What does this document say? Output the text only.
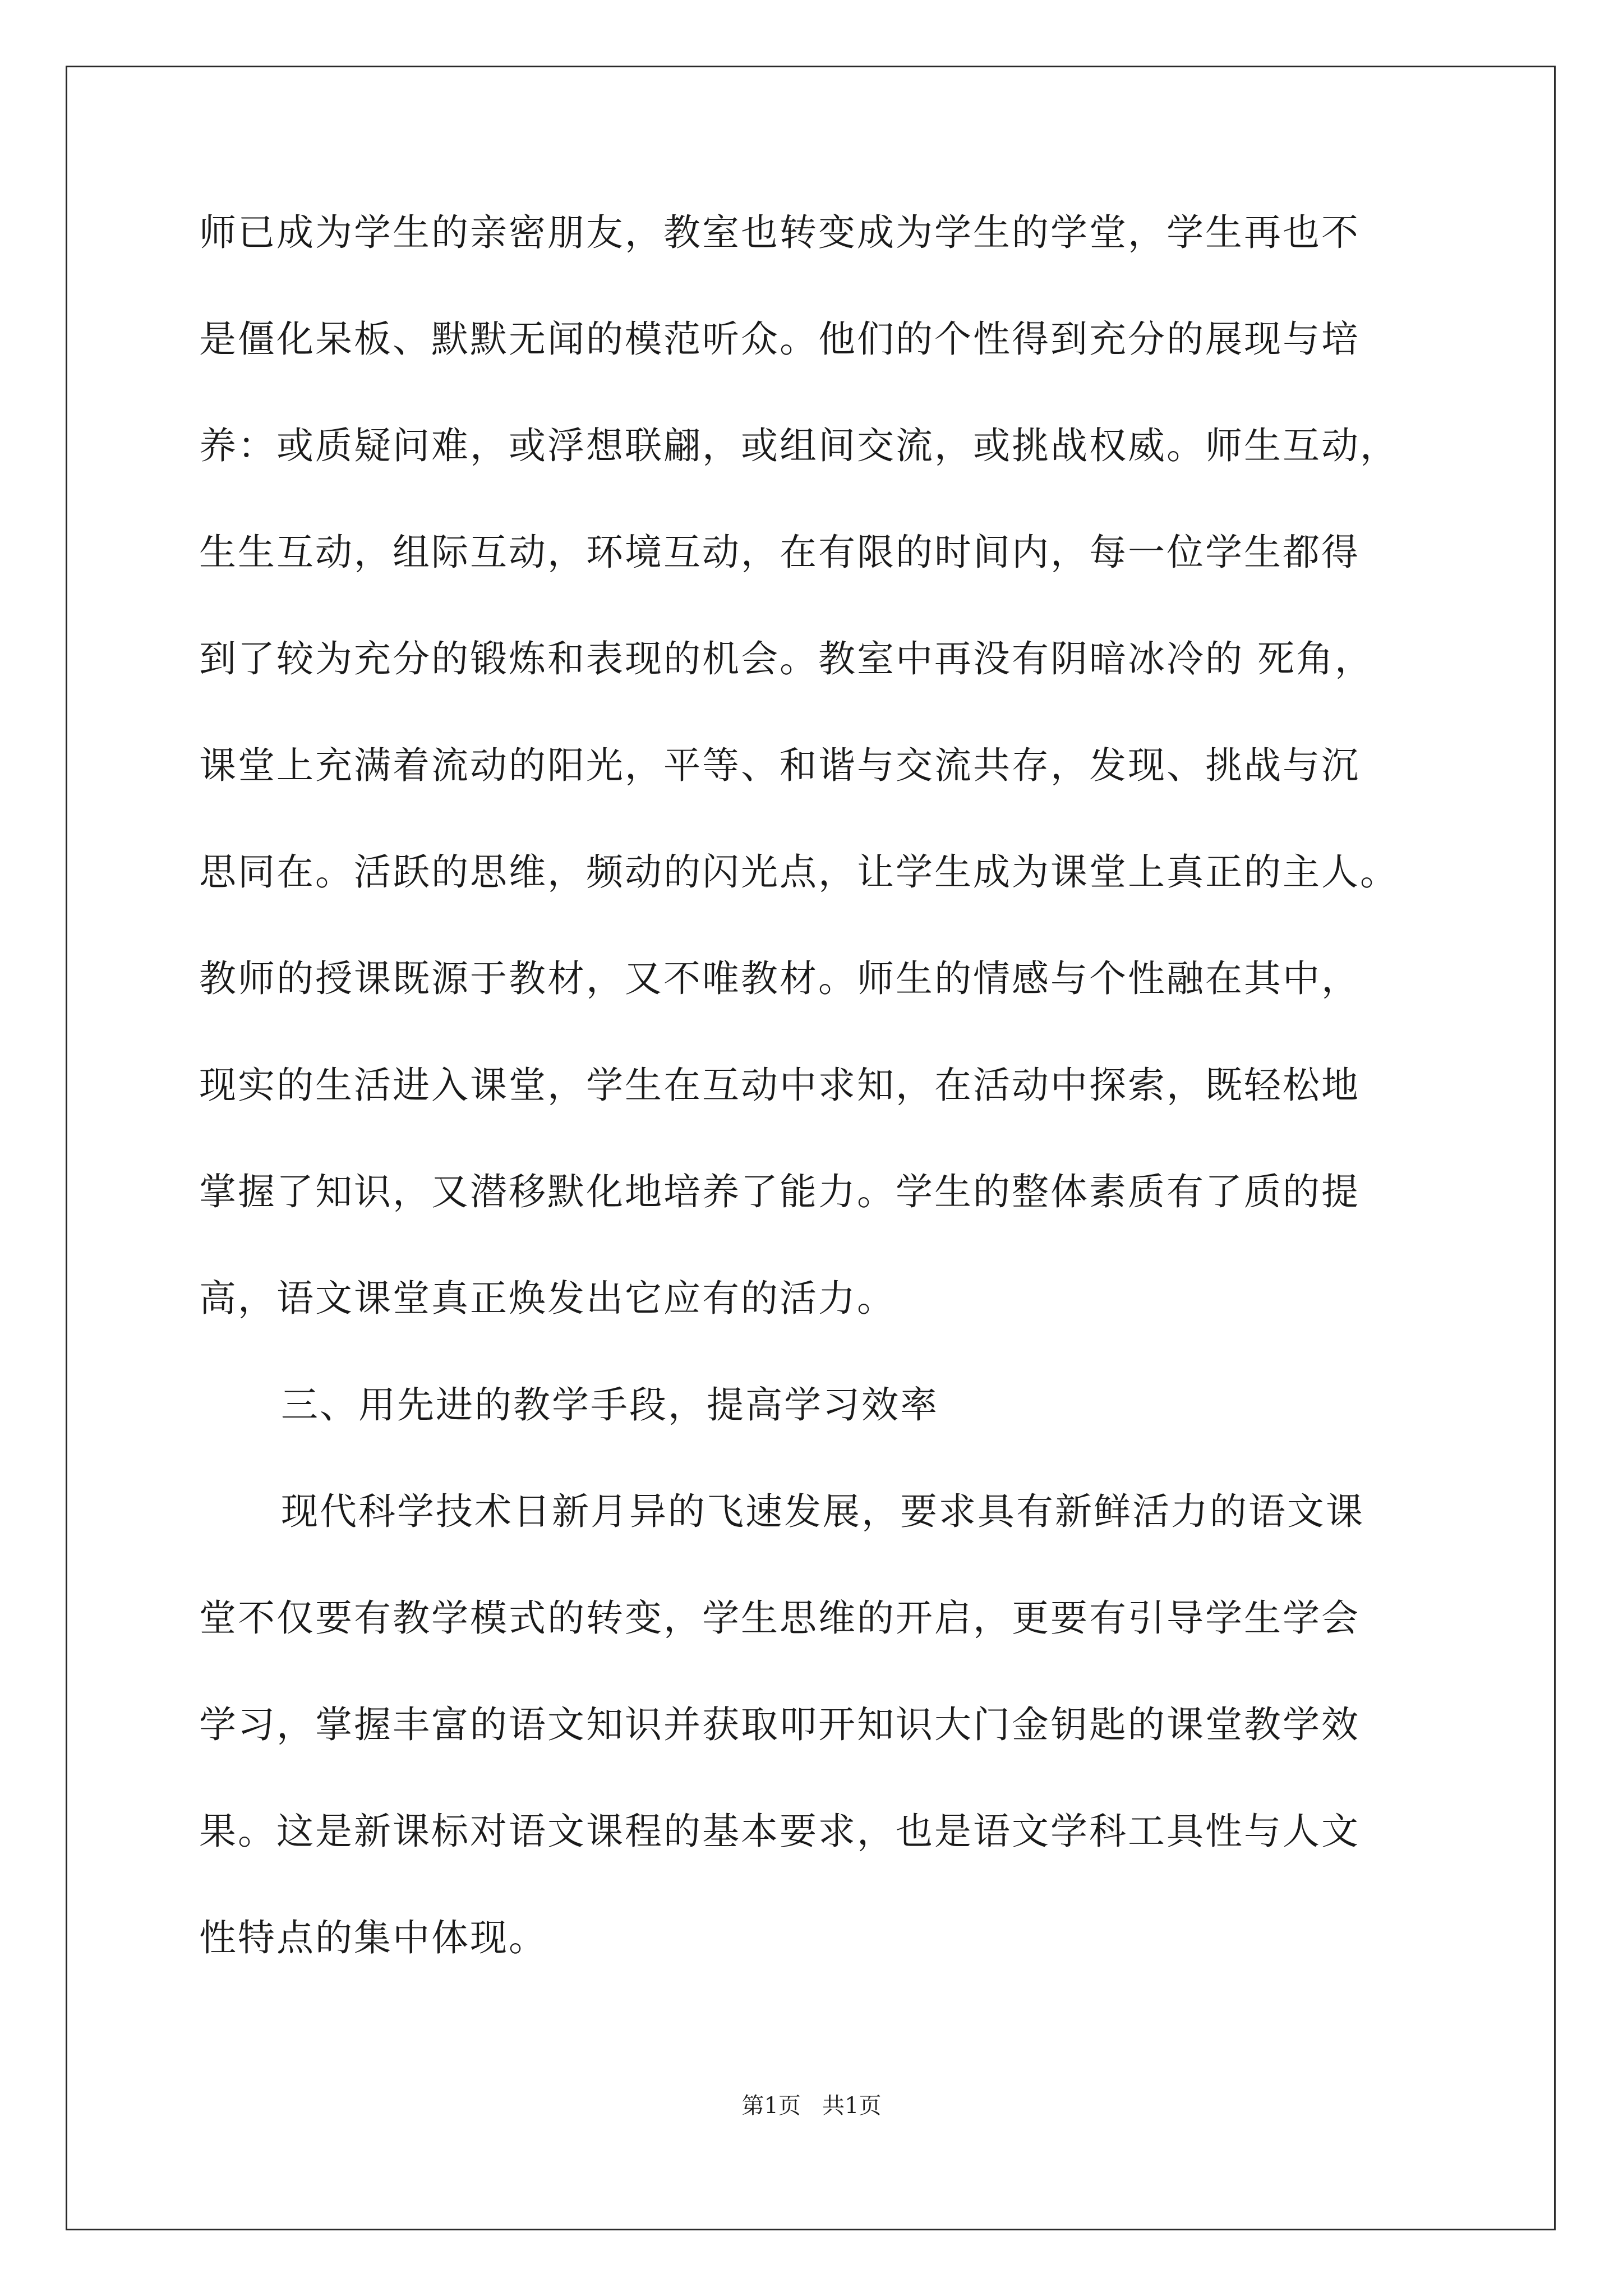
师已成为学生的亲密朋友，教室也转变成为学生的学堂，学生再也不
是僵化呆板、默默无闻的模范听众。他们的个性得到充分的展现与培
养：或质疑问难，或浮想联翩，或组间交流，或挑战权威。师生互动，
生生互动，组际互动，环境互动，在有限的时间内，每一位学生都得
到了较为充分的锻炼和表现的机会。教室中再没有阴暗冰冷的 死角，
课堂上充满着流动的阳光，平等、和谐与交流共存，发现、挑战与沉
思同在。活跃的思维，频动的闪光点，让学生成为课堂上真正的主人。
教师的授课既源于教材，又不唯教材。师生的情感与个性融在其中，
现实的生活进入课堂，学生在互动中求知，在活动中探索，既轻松地
掌握了知识，又潜移默化地培养了能力。学生的整体素质有了质的提
高，语文课堂真正焕发出它应有的活力。
三、用先进的教学手段，提高学习效率
现代科学技术日新月异的飞速发展，要求具有新鲜活力的语文课
堂不仅要有教学模式的转变，学生思维的开启，更要有引导学生学会
学习，掌握丰富的语文知识并获取叩开知识大门金钥匙的课堂教学效
果。这是新课标对语文课程的基本要求，也是语文学科工具性与人文
性特点的集中体现。
第1页   共1页
